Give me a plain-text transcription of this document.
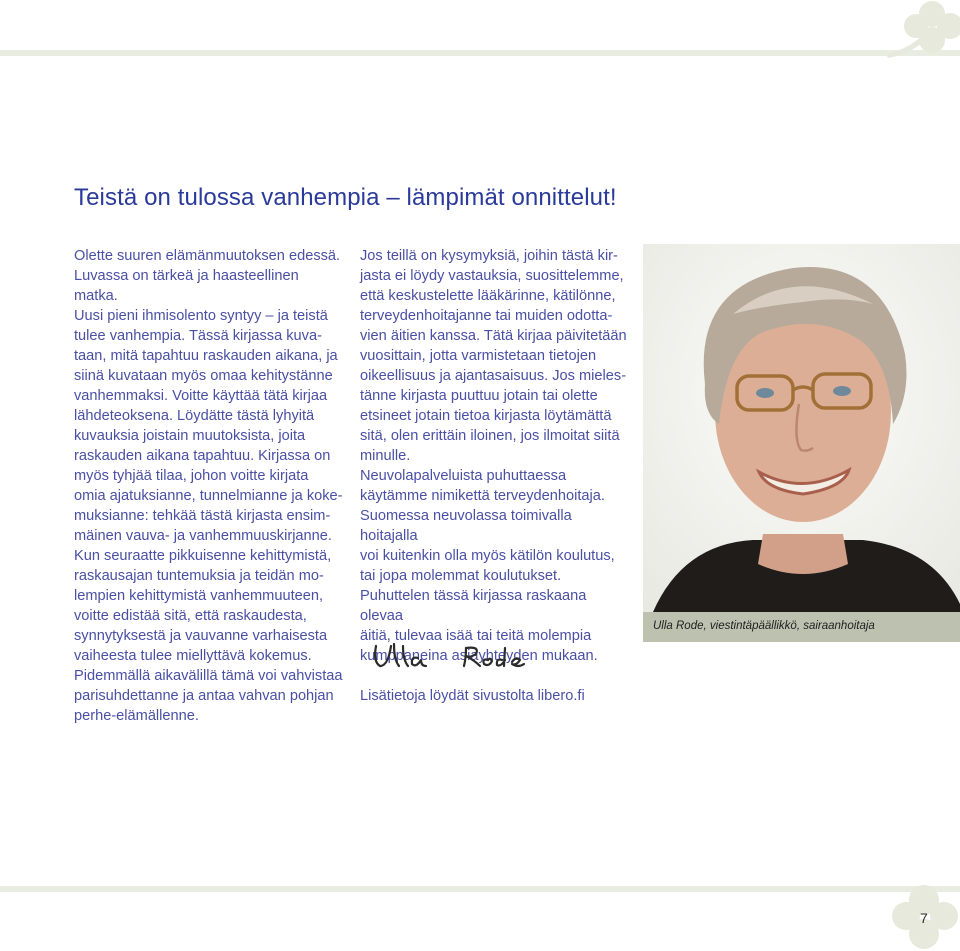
Teistä on tulossa vanhempia – lämpimät onnittelut!
Olette suuren elämänmuutoksen edessä.
Luvassa on tärkeä ja haasteellinen matka.
Uusi pieni ihmisolento syntyy – ja teistä
tulee vanhempia. Tässä kirjassa kuva-
taan, mitä tapahtuu raskauden aikana, ja
siinä kuvataan myös omaa kehitystänne
vanhemmaksi. Voitte käyttää tätä kirjaa
lähdeteoksena. Löydätte tästä lyhyitä
kuvauksia joistain muutoksista, joita
raskauden aikana tapahtuu. Kirjassa on
myös tyhjää tilaa, johon voitte kirjata
omia ajatuksianne, tunnelmianne ja koke-
muksianne: tehkää tästä kirjasta ensim-
mäinen vauva- ja vanhemmuuskirjanne.
Kun seuraatte pikkuisenne kehittymistä,
raskausajan tuntemuksia ja teidän mo-
lempien kehittymistä vanhemmuuteen,
voitte edistää sitä, että raskaudesta,
synnytyksestä ja vauvanne varhaisesta
vaiheesta tulee miellyttävä kokemus.
Pidemmällä aikavälillä tämä voi vahvistaa
parisuhdettanne ja antaa vahvan pohjan
perhe-elämällenne.
Jos teillä on kysymyksiä, joihin tästä kir-
jasta ei löydy vastauksia, suosittelemme,
että keskustelette lääkärinne, kätilönne,
terveydenhoitajanne tai muiden odotta-
vien äitien kanssa. Tätä kirjaa päivitetään
vuosittain, jotta varmistetaan tietojen
oikeellisuus ja ajantasaisuus. Jos mieles-
tänne kirjasta puuttuu jotain tai olette
etsineet jotain tietoa kirjasta löytämättä
sitä, olen erittäin iloinen, jos ilmoitat siitä
minulle.
Neuvolapalveluista puhuttaessa
käytämme nimikettä terveydenhoitaja.
Suomessa neuvolassa toimivalla hoitajalla
voi kuitenkin olla myös kätilön koulutus,
tai jopa molemmat koulutukset.
Puhuttelen tässä kirjassa raskaana olevaa
äitiä, tulevaa isää tai teitä molempia
kumppaneina asiayhteyden mukaan.
Lisätietoja löydät sivustolta libero.fi
Ulla Rode, viestintäpäällikkö, sairaanhoitaja
7
